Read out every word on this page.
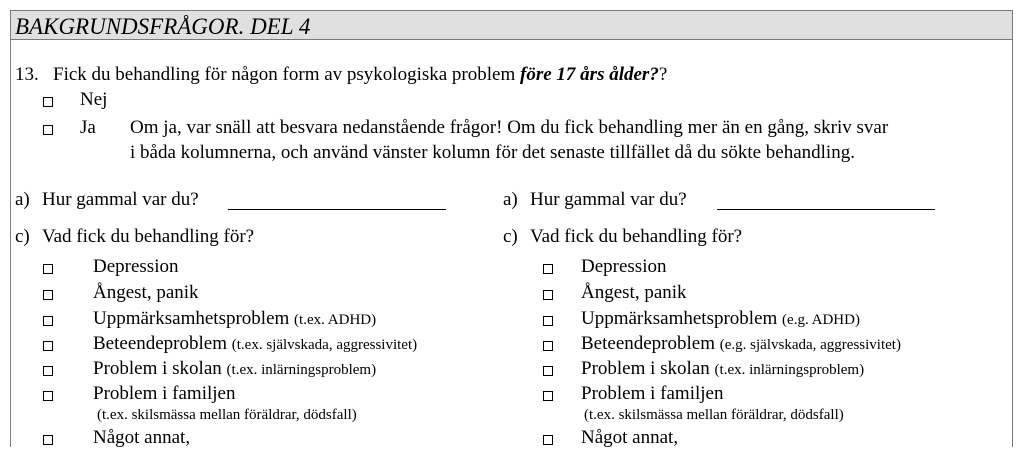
BAKGRUNDSFRÅGOR. DEL 4
13. Fick du behandling för någon form av psykologiska problem före 17 års ålder??
Nej
Ja Om ja, var snäll att besvara nedanstående frågor! Om du fick behandling mer än en gång, skriv svar
i båda kolumnerna, och använd vänster kolumn för det senaste tillfället då du sökte behandling.
a) Hur gammal var du?
c) Vad fick du behandling för?
Depression
Ångest, panik
Uppmärksamhetsproblem (t.ex. ADHD)
Beteendeproblem (t.ex. självskada, aggressivitet)
Problem i skolan (t.ex. inlärningsproblem)
Problem i familjen
(t.ex. skilsmässa mellan föräldrar, dödsfall)
Något annat,
a) Hur gammal var du?
c) Vad fick du behandling för?
Depression
Ångest, panik
Uppmärksamhetsproblem (e.g. ADHD)
Beteendeproblem (e.g. självskada, aggressivitet)
Problem i skolan (t.ex. inlärningsproblem)
Problem i familjen
(t.ex. skilsmässa mellan föräldrar, dödsfall)
Något annat,
